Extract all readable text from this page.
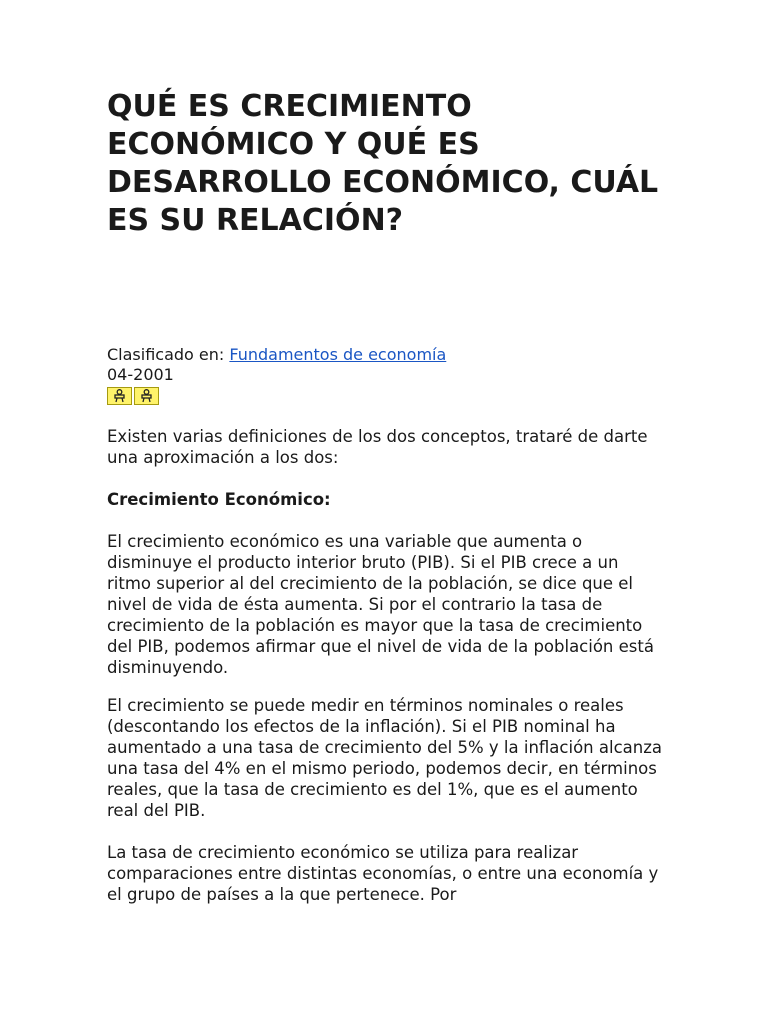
QUÉ ES CRECIMIENTO ECONÓMICO Y QUÉ ES DESARROLLO ECONÓMICO, CUÁL ES SU RELACIÓN?
Clasificado en: Fundamentos de economía
04-2001

Existen varias definiciones de los dos conceptos, trataré de darte una aproximación a los dos:

Crecimiento Económico:

El crecimiento económico es una variable que aumenta o disminuye el producto interior bruto (PIB). Si el PIB crece a un ritmo superior al del crecimiento de la población, se dice que el nivel de vida de ésta aumenta. Si por el contrario la tasa de crecimiento de la población es mayor que la tasa de crecimiento del PIB, podemos afirmar que el nivel de vida de la población está disminuyendo.

El crecimiento se puede medir en términos nominales o reales (descontando los efectos de la inflación). Si el PIB nominal ha aumentado a una tasa de crecimiento del 5% y la inflación alcanza una tasa del 4% en el mismo periodo, podemos decir, en términos reales, que la tasa de crecimiento es del 1%, que es el aumento real del PIB.

La tasa de crecimiento económico se utiliza para realizar comparaciones entre distintas economías, o entre una economía y el grupo de países a la que pertenece. Por
